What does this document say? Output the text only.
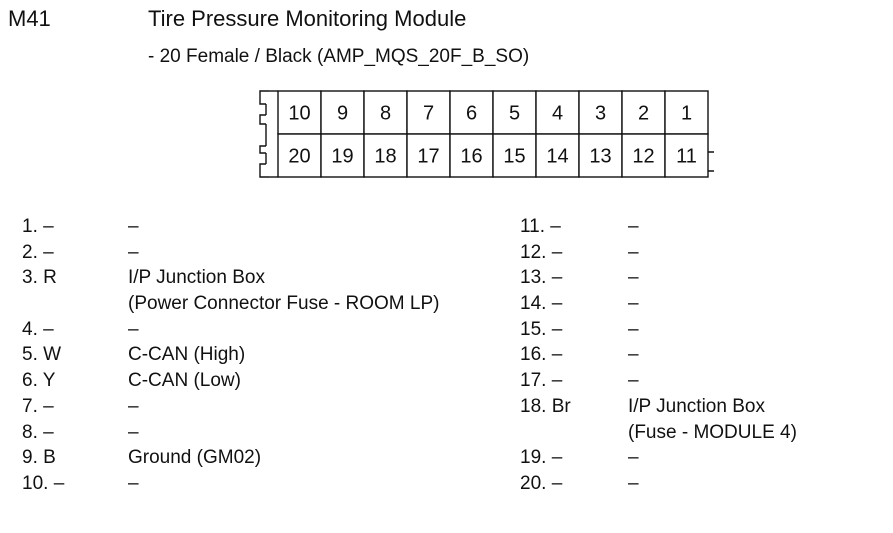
M41	Tire Pressure Monitoring Module
- 20 Female / Black (AMP_MQS_20F_B_SO)
10 9 8 7 6 5 4 3 2 1
20 19 18 17 16 15 14 13 12 11
1. –	–
2. –	–
3. R	I/P Junction Box
(Power Connector Fuse - ROOM LP)
4. –	–
5. W	C-CAN (High)
6. Y	C-CAN (Low)
7. –	–
8. –	–
9. B	Ground (GM02)
10. –	–
11. –	–
12. –	–
13. –	–
14. –	–
15. –	–
16. –	–
17. –	–
18. Br	I/P Junction Box
(Fuse - MODULE 4)
19. –	–
20. –	–
